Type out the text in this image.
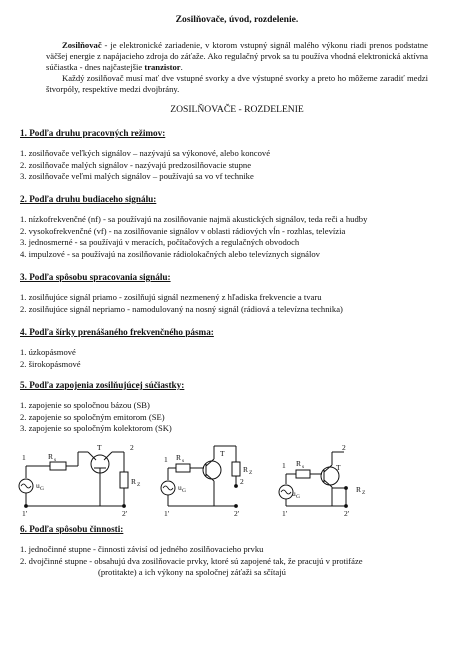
Zosilňovače, úvod, rozdelenie.

Zosilňovač - je elektronické zariadenie, v ktorom vstupný signál malého výkonu riadi prenos podstatne väčšej energie z napájacieho zdroja do záťaže. Ako regulačný prvok sa tu používa vhodná elektronická aktívna súčiastka - dnes najčastejšie tranzistor.

Každý zosilňovač musí mať dve vstupné svorky a dve výstupné svorky a preto ho môžeme zaradiť medzi štvorpóly, respektíve medzi dvojbrány.

ZOSILŇOVAČE - ROZDELENIE
1. Podľa druhu pracovných režimov:
1. zosilňovače veľkých signálov – nazývajú sa výkonové, alebo koncové
2. zosilňovače malých signálov - nazývajú predzosilňovacie stupne
3. zosilňovače veľmi malých signálov – používajú sa vo vf technike
2. Podľa druhu budiaceho signálu:
1. nízkofrekvenčné (nf) - sa používajú na zosilňovanie najmä akustických signálov, teda reči a hudby
2. vysokofrekvenčné (vf) - na zosilňovanie signálov v oblasti rádiových vĺn - rozhlas, televízia
3. jednosmerné - sa používajú v meracích, počítačových a regulačných obvodoch
4. impulzové - sa používajú na zosilňovanie rádiolokačných alebo televíznych signálov
3. Podľa spôsobu spracovania signálu:
1. zosilňujúce signál priamo - zosilňujú signál nezmenený z hľadiska frekvencie a tvaru
2. zosilňujúce signál nepriamo - namodulovaný na nosný signál (rádiová a televízna technika)
4. Podľa šírky prenášaného frekvenčného pásma:
1. úzkopásmové
2. širokopásmové
5. Podľa zapojenia zosilňujúcej súčiastky:
1. zapojenie so spoločnou bázou (SB)
2. zapojenie so spoločným emitorom (SE)
3. zapojenie so spoločným kolektorom (SK)
R s
T
u G
R Z
1
2
1'	2'
R s
T
u G
R Z
1
2
1'	2'
R s	T
u G
R Z
1
2
1'	2'
6. Podľa spôsobu činnosti:
1. jednočinné stupne - činnosti závisí od jedného zosilňovacieho prvku
2. dvojčinné stupne - obsahujú dva zosilňovacie prvky, ktoré sú zapojené tak, že pracujú v protifáze
(protitakte) a ich výkony na spoločnej záťaži sa sčítajú
